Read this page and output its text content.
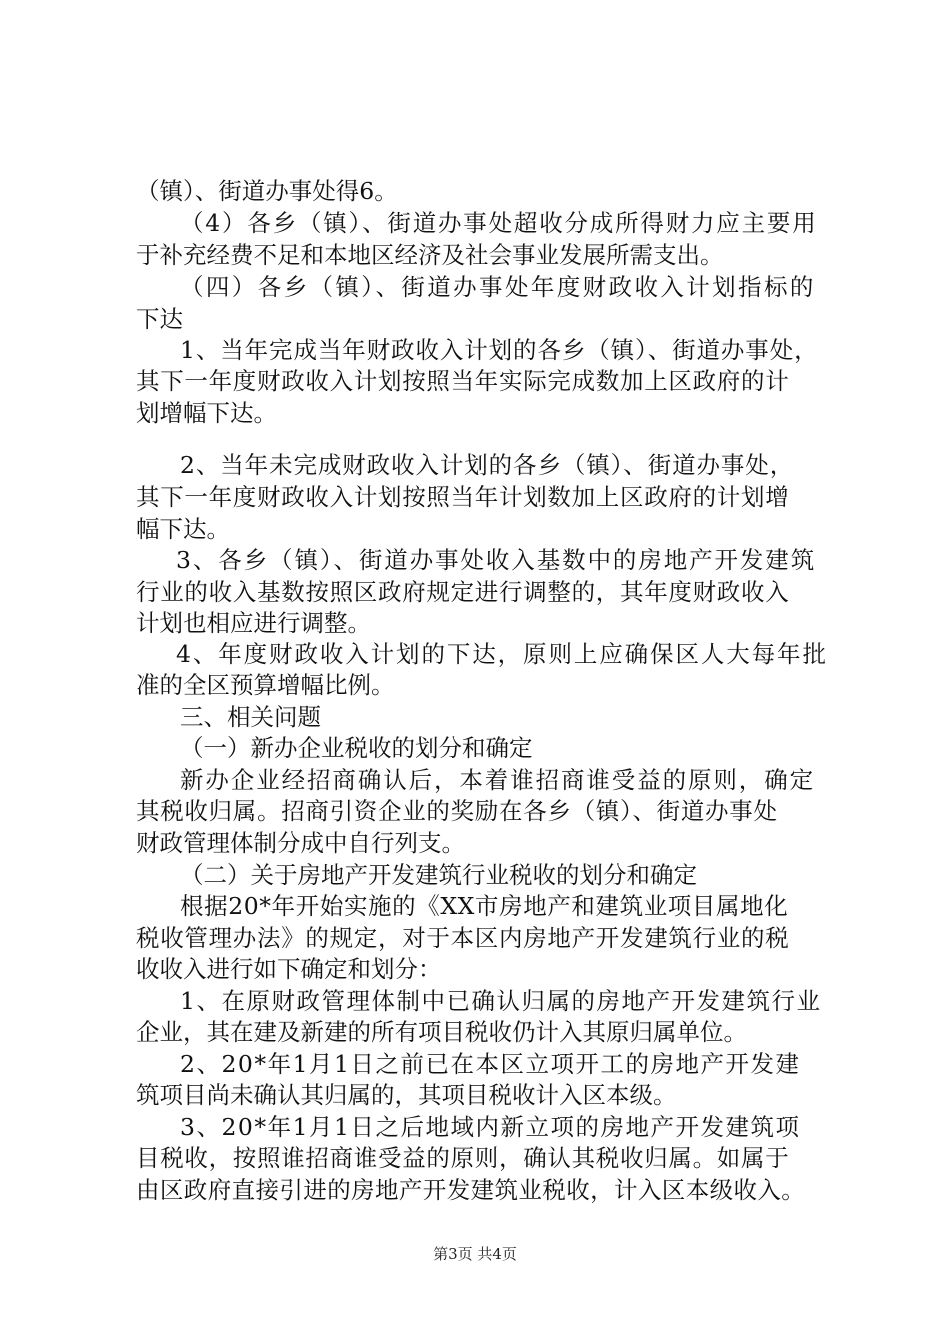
（镇）、街道办事处得6。
（4）各乡（镇）、街道办事处超收分成所得财力应主要用
于补充经费不足和本地区经济及社会事业发展所需支出。
（四）各乡（镇）、街道办事处年度财政收入计划指标的
下达
1、当年完成当年财政收入计划的各乡（镇）、街道办事处，
其下一年度财政收入计划按照当年实际完成数加上区政府的计
划增幅下达。
2、当年未完成财政收入计划的各乡（镇）、街道办事处，
其下一年度财政收入计划按照当年计划数加上区政府的计划增
幅下达。
3、各乡（镇）、街道办事处收入基数中的房地产开发建筑
行业的收入基数按照区政府规定进行调整的，其年度财政收入
计划也相应进行调整。
4、年度财政收入计划的下达，原则上应确保区人大每年批
准的全区预算增幅比例。
三、相关问题
（一）新办企业税收的划分和确定
新办企业经招商确认后，本着谁招商谁受益的原则，确定
其税收归属。招商引资企业的奖励在各乡（镇）、街道办事处
财政管理体制分成中自行列支。
（二）关于房地产开发建筑行业税收的划分和确定
根据20*年开始实施的《XX市房地产和建筑业项目属地化
税收管理办法》的规定，对于本区内房地产开发建筑行业的税
收收入进行如下确定和划分：
1、在原财政管理体制中已确认归属的房地产开发建筑行业
企业，其在建及新建的所有项目税收仍计入其原归属单位。
2、20*年1月1日之前已在本区立项开工的房地产开发建
筑项目尚未确认其归属的，其项目税收计入区本级。
3、20*年1月1日之后地域内新立项的房地产开发建筑项
目税收，按照谁招商谁受益的原则，确认其税收归属。如属于
由区政府直接引进的房地产开发建筑业税收，计入区本级收入。
第3页 共4页
